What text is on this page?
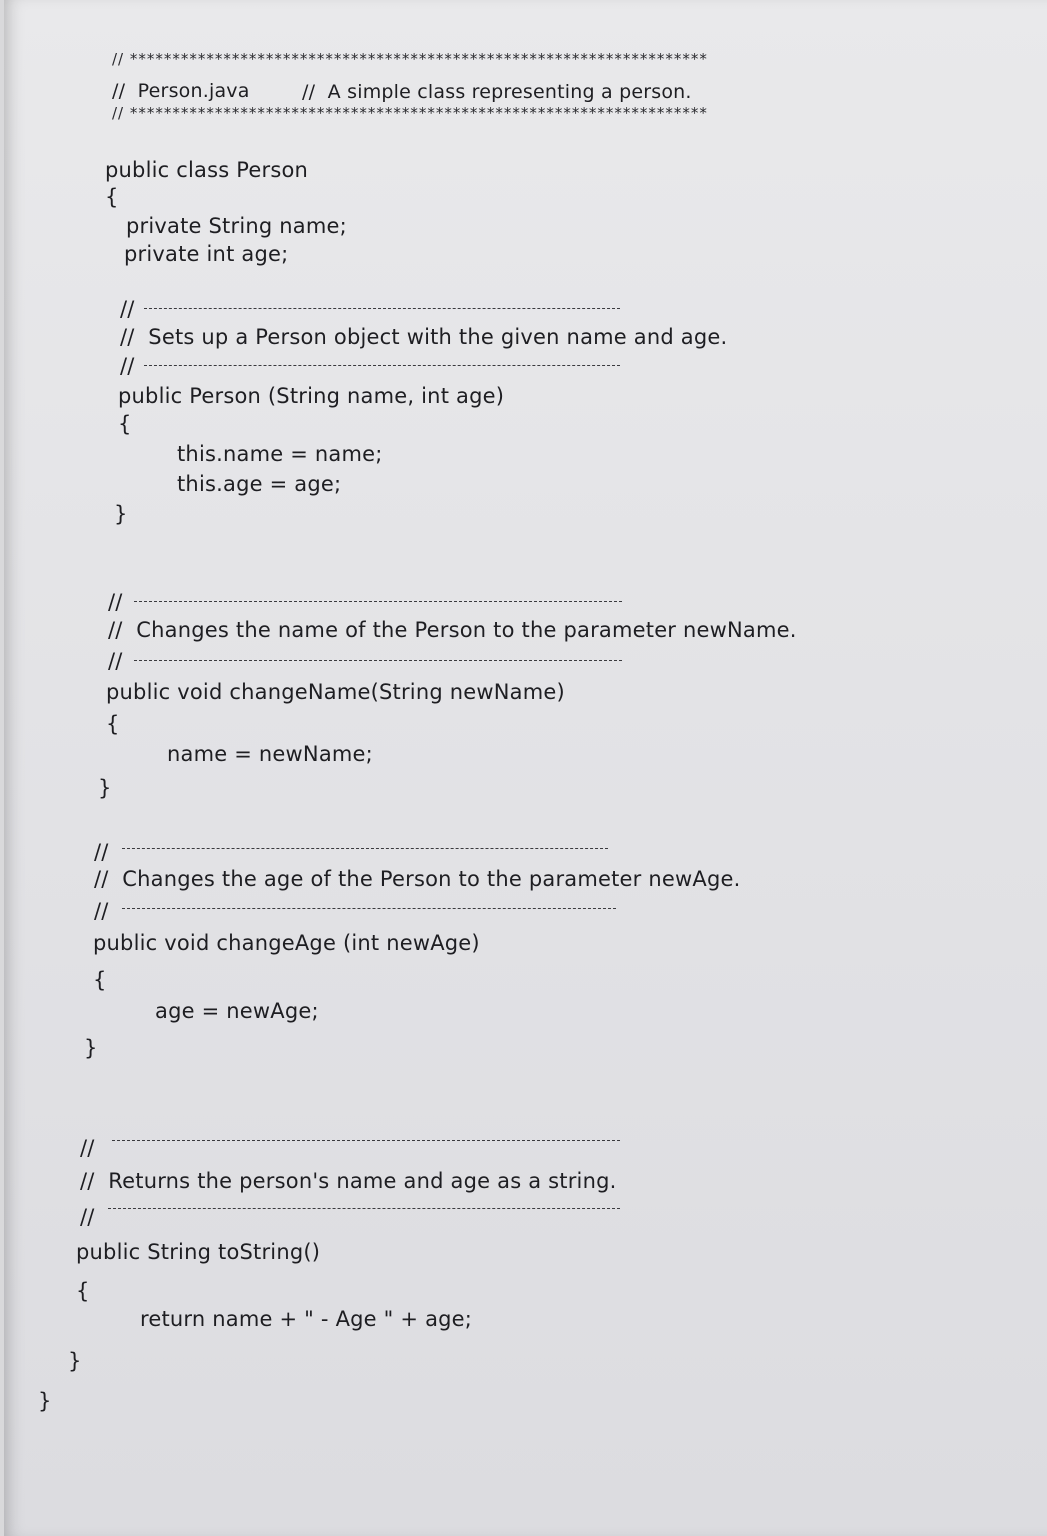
// ********************************************************************
//  Person.java	//  A simple class representing a person.
// ********************************************************************
public class Person
{
private String name;
private int age;
//
//  Sets up a Person object with the given name and age.
//
public Person (String name, int age)
{
this.name = name;
this.age = age;
}
//
//  Changes the name of the Person to the parameter newName.
//
public void changeName(String newName)
{
name = newName;
}
//
//  Changes the age of the Person to the parameter newAge.
//
public void changeAge (int newAge)
{
age = newAge;
}
//
//  Returns the person's name and age as a string.
//
public String toString()
{
return name + " - Age " + age;
}
}
